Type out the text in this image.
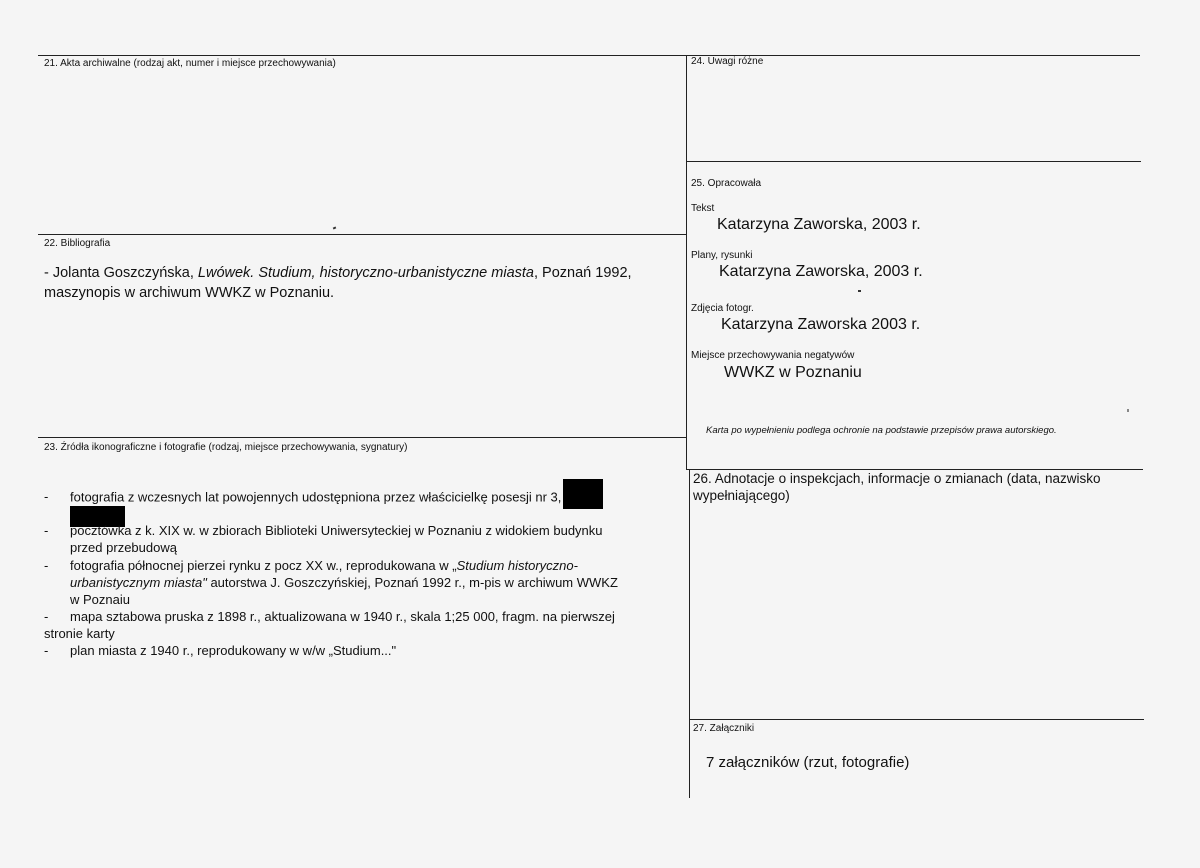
21. Akta archiwalne (rodzaj akt, numer i miejsce przechowywania)
22. Bibliografia
- Jolanta Goszczyńska, Lwówek. Studium, historyczno-urbanistyczne miasta, Poznań 1992,
maszynopis w archiwum WWKZ w Poznaniu.
23. Źródła ikonograficzne i fotografie (rodzaj, miejsce przechowywania, sygnatury)
- fotografia z wczesnych lat powojennych udostępniona przez właścicielkę posesji nr 3,
- pocztówka z k. XIX w. w zbiorach Biblioteki Uniwersyteckiej w Poznaniu z widokiem budynku
przed przebudową
- fotografia północnej pierzei rynku z pocz XX w., reprodukowana w „Studium historyczno-
urbanistycznym miasta" autorstwa J. Goszczyńskiej, Poznań 1992 r., m-pis w archiwum WWKZ
w Poznaiu
- mapa sztabowa pruska z 1898 r., aktualizowana w 1940 r., skala 1;25 000, fragm. na pierwszej
stronie karty
- plan miasta z 1940 r., reprodukowany w w/w „Studium..."
24. Uwagi różne
25. Opracowała
Tekst
Katarzyna Zaworska, 2003 r.
Plany, rysunki
Katarzyna Zaworska, 2003 r.
Zdjęcia fotogr.
Katarzyna Zaworska 2003 r.
Miejsce przechowywania negatywów
WWKZ w Poznaniu
Karta po wypełnieniu podlega ochronie na podstawie przepisów prawa autorskiego.
26. Adnotacje o inspekcjach, informacje o zmianach (data, nazwisko
wypełniającego)
27. Załączniki
7 załączników (rzut, fotografie)
